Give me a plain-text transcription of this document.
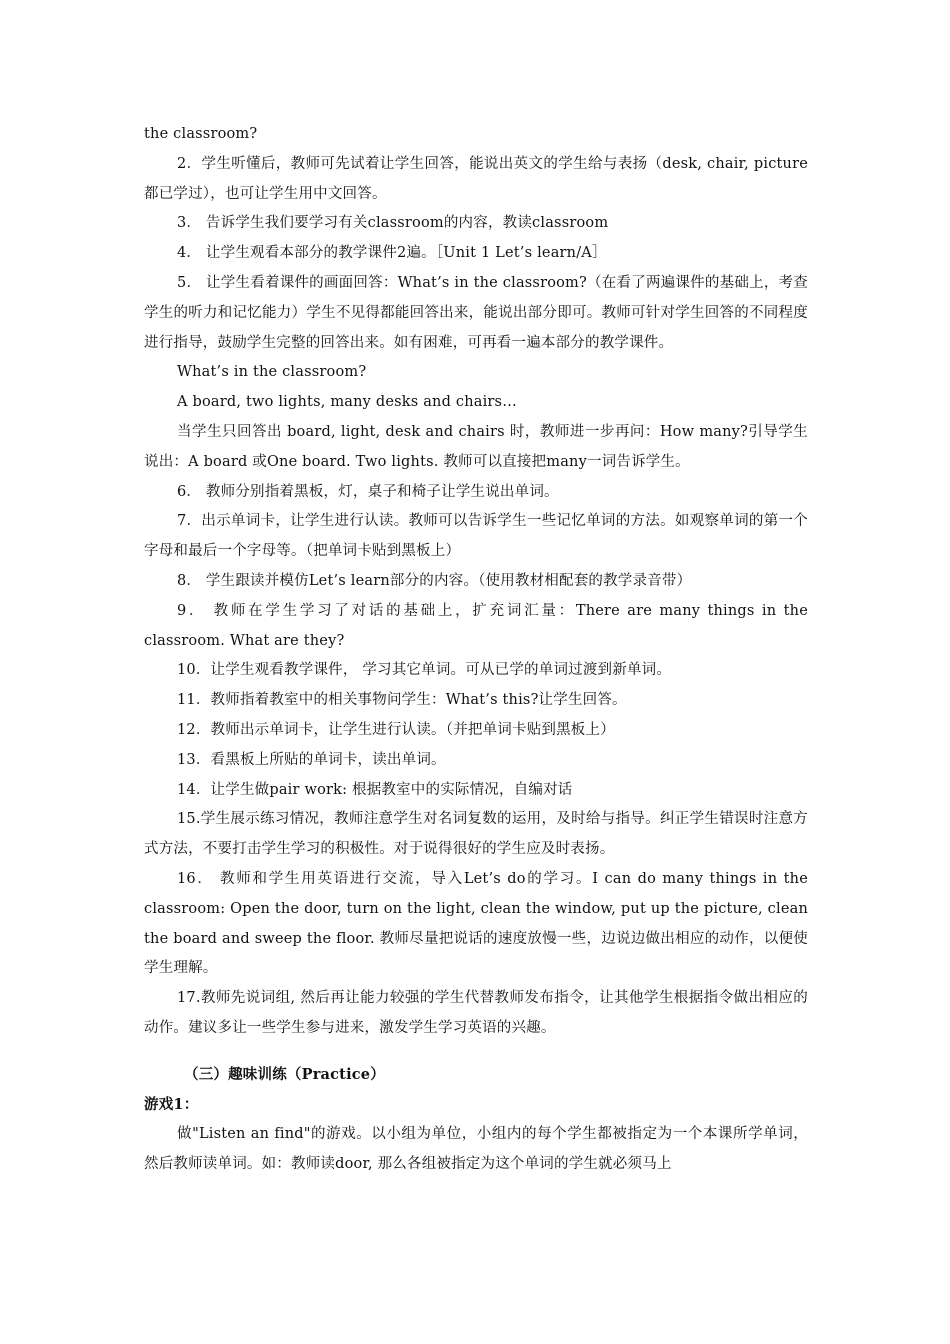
the classroom?

2．学生听懂后，教师可先试着让学生回答，能说出英文的学生给与表扬（desk, chair, picture都已学过），也可让学生用中文回答。

3． 告诉学生我们要学习有关classroom的内容，教读classroom

4． 让学生观看本部分的教学课件2遍。［Unit 1 Let’s learn/A］

5． 让学生看着课件的画面回答：What’s in the classroom?（在看了两遍课件的基础上，考查学生的听力和记忆能力）学生不见得都能回答出来，能说出部分即可。教师可针对学生回答的不同程度进行指导，鼓励学生完整的回答出来。如有困难，可再看一遍本部分的教学课件。

What’s in the classroom?

A board, two lights, many desks and chairs…

当学生只回答出 board, light, desk and chairs 时，教师进一步再问：How many?引导学生说出：A board 或One board. Two lights. 教师可以直接把many一词告诉学生。

6． 教师分别指着黑板，灯，桌子和椅子让学生说出单词。

7．出示单词卡，让学生进行认读。教师可以告诉学生一些记忆单词的方法。如观察单词的第一个字母和最后一个字母等。（把单词卡贴到黑板上）

8． 学生跟读并模仿Let’s learn部分的内容。（使用教材相配套的教学录音带）

9． 教师在学生学习了对话的基础上，扩充词汇量：There are many things in the classroom. What are they?

10．让学生观看教学课件， 学习其它单词。可从已学的单词过渡到新单词。

11．教师指着教室中的相关事物问学生：What’s this?让学生回答。

12．教师出示单词卡，让学生进行认读。（并把单词卡贴到黑板上）

13．看黑板上所贴的单词卡，读出单词。

14．让学生做pair work: 根据教室中的实际情况，自编对话

15.学生展示练习情况，教师注意学生对名词复数的运用，及时给与指导。纠正学生错误时注意方式方法，不要打击学生学习的积极性。对于说得很好的学生应及时表扬。

16． 教师和学生用英语进行交流，导入Let’s do的学习。I can do many things in the classroom: Open the door, turn on the light, clean the window, put up the picture, clean the board and sweep the floor. 教师尽量把说话的速度放慢一些，边说边做出相应的动作，以便使学生理解。

17.教师先说词组, 然后再让能力较强的学生代替教师发布指令，让其他学生根据指令做出相应的动作。建议多让一些学生参与进来，激发学生学习英语的兴趣。

（三）趣味训练（Practice）

游戏1：

做"Listen an find"的游戏。以小组为单位，小组内的每个学生都被指定为一个本课所学单词，然后教师读单词。如：教师读door, 那么各组被指定为这个单词的学生就必须马上
